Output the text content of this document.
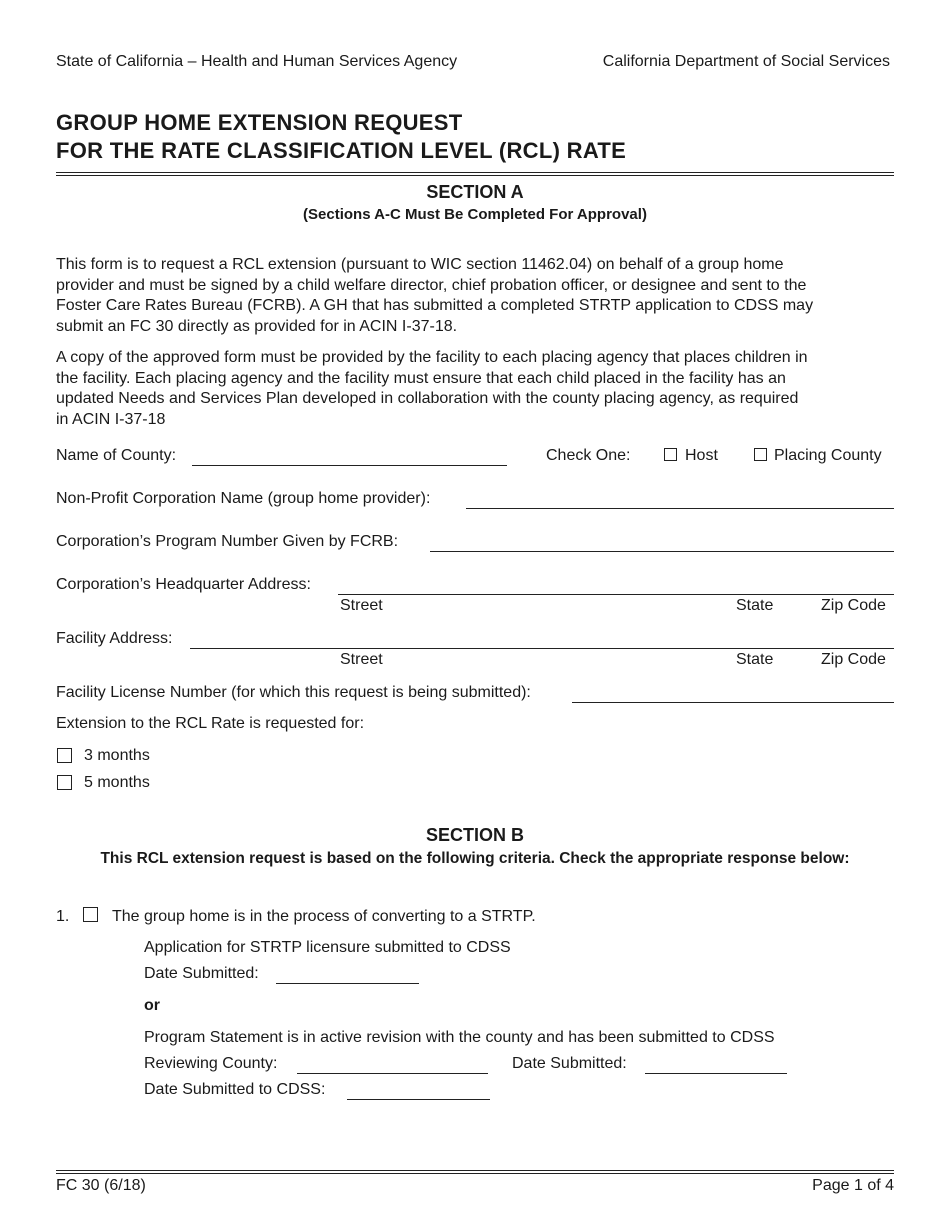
State of California – Health and Human Services Agency	California Department of Social Services
GROUP HOME EXTENSION REQUEST
FOR THE RATE CLASSIFICATION LEVEL (RCL) RATE
SECTION A
(Sections A-C Must Be Completed For Approval)
This form is to request a RCL extension (pursuant to WIC section 11462.04) on behalf of a group home
provider and must be signed by a child welfare director, chief probation officer, or designee and sent to the
Foster Care Rates Bureau (FCRB). A GH that has submitted a completed STRTP application to CDSS may
submit an FC 30 directly as provided for in ACIN I-37-18.
A copy of the approved form must be provided by the facility to each placing agency that places children in
the facility. Each placing agency and the facility must ensure that each child placed in the facility has an
updated Needs and Services Plan developed in collaboration with the county placing agency, as required
in ACIN I-37-18
Name of County:	Check One:	Host	Placing County
Non-Profit Corporation Name (group home provider):
Corporation’s Program Number Given by FCRB:
Corporation’s Headquarter Address:
Street	State	Zip Code
Facility Address:
Street	State	Zip Code
Facility License Number (for which this request is being submitted):
Extension to the RCL Rate is requested for:
3 months
5 months
SECTION B
This RCL extension request is based on the following criteria. Check the appropriate response below:
1.	The group home is in the process of converting to a STRTP.
Application for STRTP licensure submitted to CDSS
Date Submitted:
or
Program Statement is in active revision with the county and has been submitted to CDSS
Reviewing County:	Date Submitted:
Date Submitted to CDSS:
FC 30 (6/18)	Page 1 of 4
